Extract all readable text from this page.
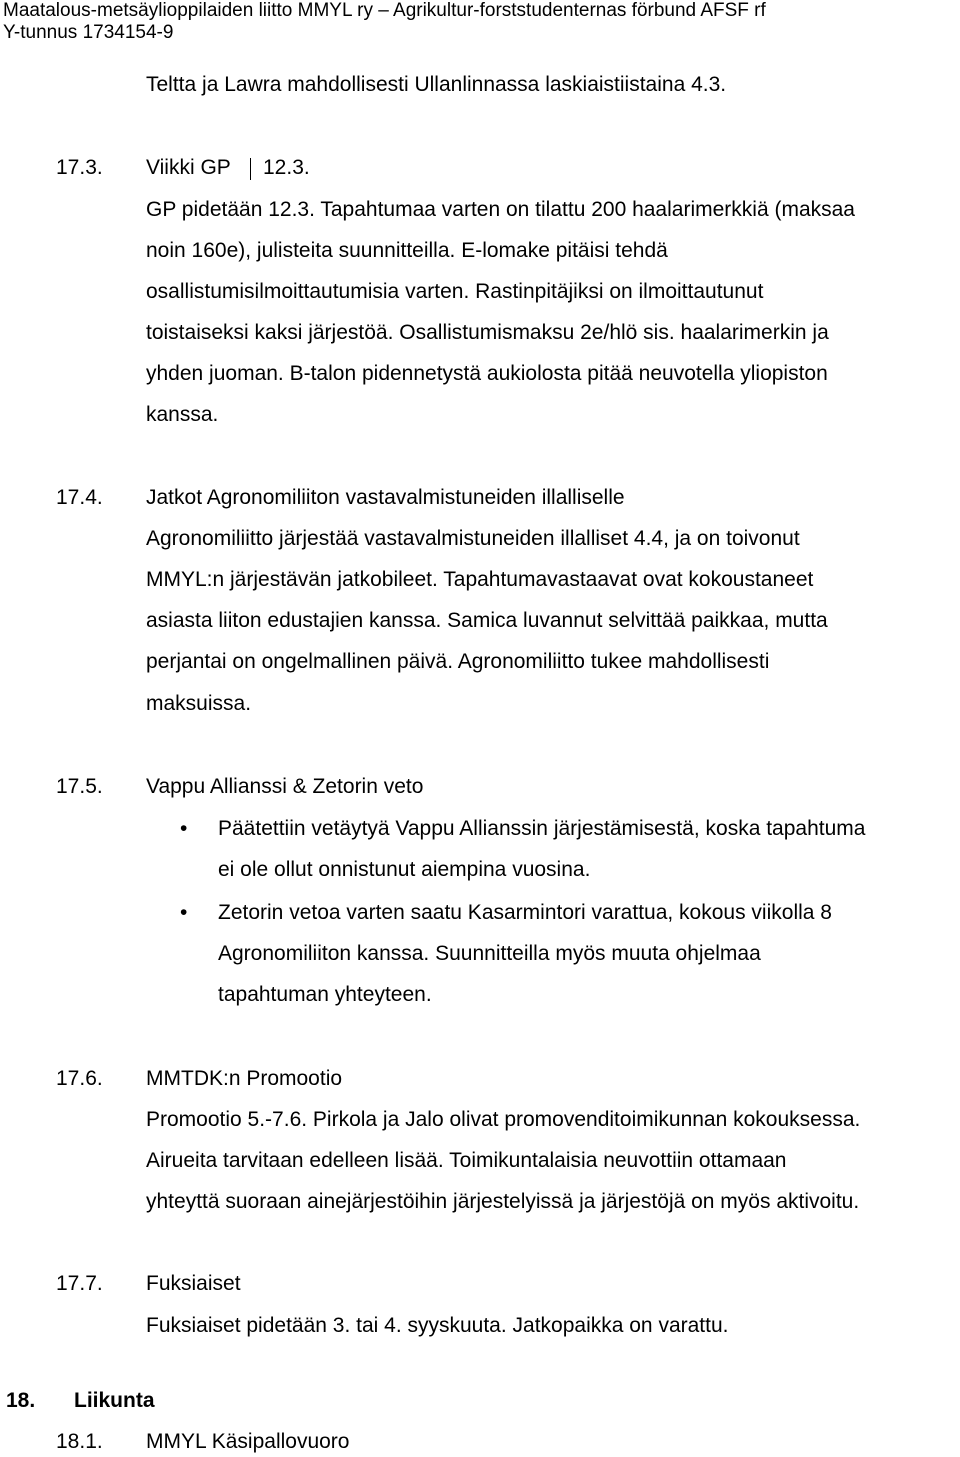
Maatalous-metsäylioppilaiden liitto MMYL ry – Agrikultur-forststudenternas förbund AFSF rf
Y-tunnus 1734154-9
Teltta ja Lawra mahdollisesti Ullanlinnassa laskiaistiistaina 4.3.
17.3. Viikki GP 12.3.
GP pidetään 12.3. Tapahtumaa varten on tilattu 200 haalarimerkkiä (maksaa
noin 160e), julisteita suunnitteilla. E-lomake pitäisi tehdä
osallistumisilmoittautumisia varten. Rastinpitäjiksi on ilmoittautunut
toistaiseksi kaksi järjestöä. Osallistumismaksu 2e/hlö sis. haalarimerkin ja
yhden juoman. B-talon pidennetystä aukiolosta pitää neuvotella yliopiston
kanssa.
17.4. Jatkot Agronomiliiton vastavalmistuneiden illalliselle
Agronomiliitto järjestää vastavalmistuneiden illalliset 4.4, ja on toivonut
MMYL:n järjestävän jatkobileet. Tapahtumavastaavat ovat kokoustaneet
asiasta liiton edustajien kanssa. Samica luvannut selvittää paikkaa, mutta
perjantai on ongelmallinen päivä. Agronomiliitto tukee mahdollisesti
maksuissa.
17.5. Vappu Allianssi & Zetorin veto
• Päätettiin vetäytyä Vappu Allianssin järjestämisestä, koska tapahtuma
ei ole ollut onnistunut aiempina vuosina.
• Zetorin vetoa varten saatu Kasarmintori varattua, kokous viikolla 8
Agronomiliiton kanssa. Suunnitteilla myös muuta ohjelmaa
tapahtuman yhteyteen.
17.6. MMTDK:n Promootio
Promootio 5.-7.6. Pirkola ja Jalo olivat promovenditoimikunnan kokouksessa.
Airueita tarvitaan edelleen lisää. Toimikuntalaisia neuvottiin ottamaan
yhteyttä suoraan ainejärjestöihin järjestelyissä ja järjestöjä on myös aktivoitu.
17.7. Fuksiaiset
Fuksiaiset pidetään 3. tai 4. syyskuuta. Jatkopaikka on varattu.
18. Liikunta
18.1. MMYL Käsipallovuoro
